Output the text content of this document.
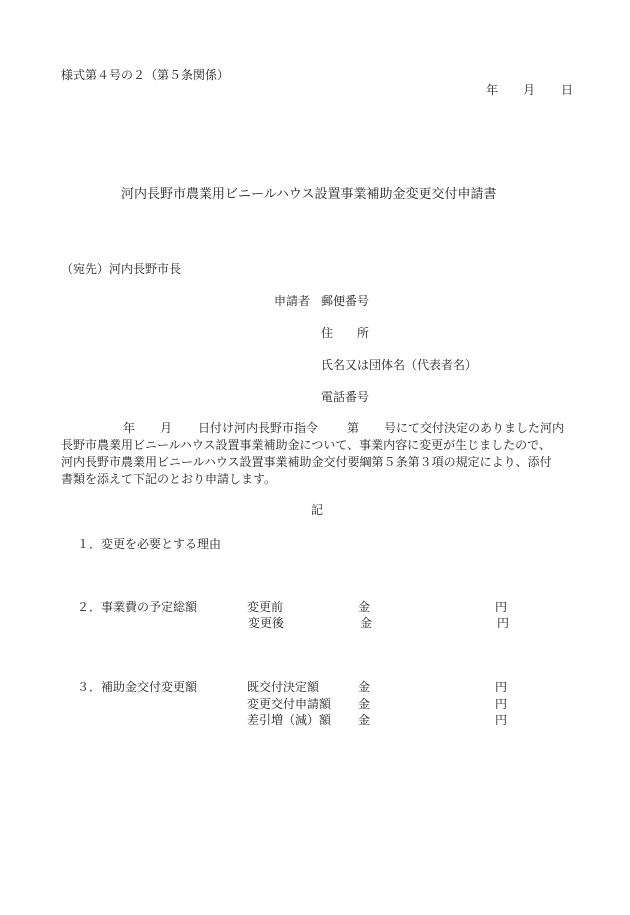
様式第４号の２（第５条関係）
年 月 日
河内長野市農業用ビニールハウス設置事業補助金変更交付申請書
（宛先）河内長野市長
申請者 郵便番号
住　　所
氏名又は団体名（代表者名）
電話番号
年 月 日付け河内長野市指令 第 号にて交付決定のありました河内
長野市農業用ビニールハウス設置事業補助金について、事業内容に変更が生じましたので、
河内長野市農業用ビニールハウス設置事業補助金交付要綱第５条第３項の規定により、添付
書類を添えて下記のとおり申請します。
記
１．変更を必要とする理由
２．事業費の予定総額	変更前	金	円
変更後	金	円
３．補助金交付変更額	既交付決定額	金	円
変更交付申請額 金	円
差引増（減）額 金	円
